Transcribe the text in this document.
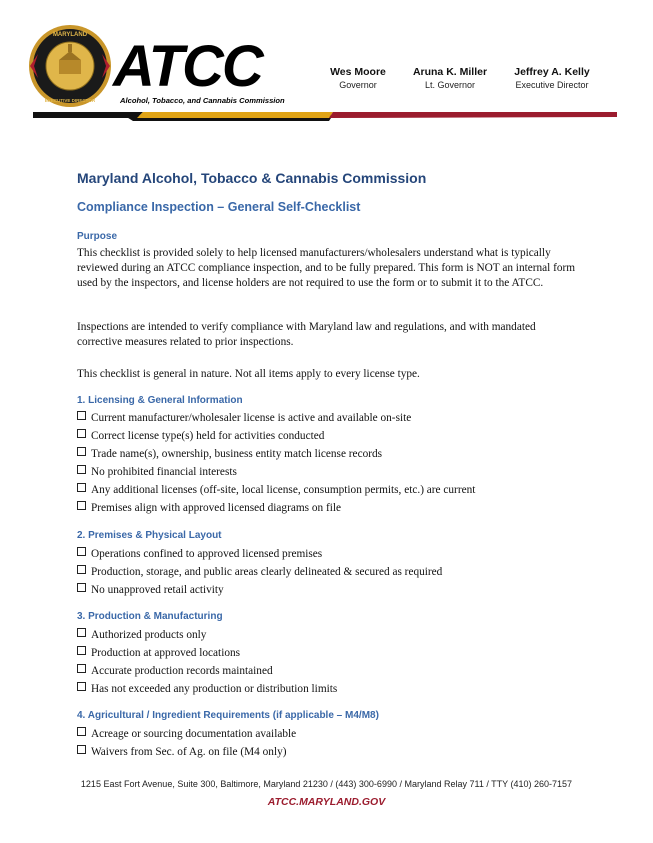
MARYLAND
EXECUTIVE DIRECTOR
ATCC
Alcohol, Tobacco, and Cannabis Commission
Wes Moore
Governor
Aruna K. Miller
Lt. Governor
Jeffrey A. Kelly
Executive Director
Maryland Alcohol, Tobacco & Cannabis Commission
Compliance Inspection – General Self-Checklist
Purpose
This checklist is provided solely to help licensed manufacturers/wholesalers understand what is typically reviewed during an ATCC compliance inspection, and to be fully prepared. This form is NOT an internal form used by the inspectors, and license holders are not required to use the form or to submit it to the ATCC.
Inspections are intended to verify compliance with Maryland law and regulations, and with mandated corrective measures related to prior inspections.
This checklist is general in nature. Not all items apply to every license type.
1. Licensing & General Information
Current manufacturer/wholesaler license is active and available on-site
Correct license type(s) held for activities conducted
Trade name(s), ownership, business entity match license records
No prohibited financial interests
Any additional licenses (off-site, local license, consumption permits, etc.) are current
Premises align with approved licensed diagrams on file
2. Premises & Physical Layout
Operations confined to approved licensed premises
Production, storage, and public areas clearly delineated & secured as required
No unapproved retail activity
3. Production & Manufacturing
Authorized products only
Production at approved locations
Accurate production records maintained
Has not exceeded any production or distribution limits
4. Agricultural / Ingredient Requirements (if applicable – M4/M8)
Acreage or sourcing documentation available
Waivers from Sec. of Ag. on file (M4 only)
1215 East Fort Avenue, Suite 300, Baltimore, Maryland 21230 / (443) 300-6990 / Maryland Relay 711 / TTY (410) 260-7157
ATCC.MARYLAND.GOV
